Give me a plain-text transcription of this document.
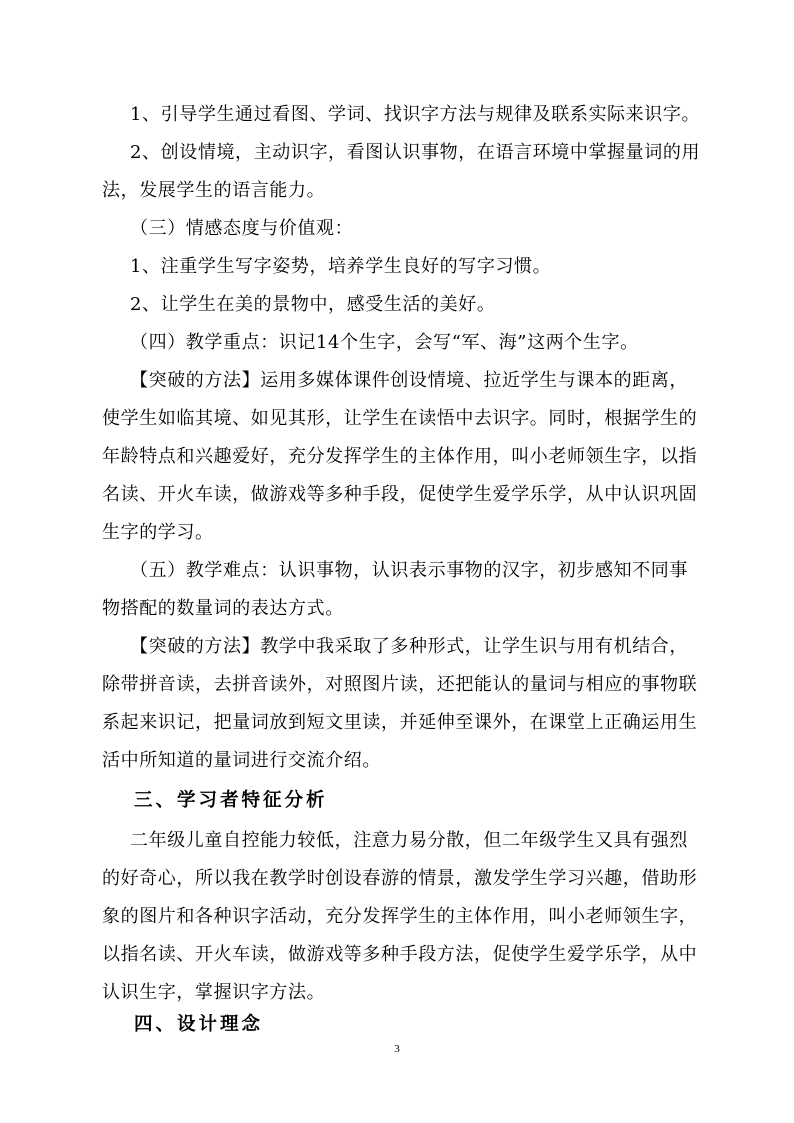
1、引导学生通过看图、学词、找识字方法与规律及联系实际来识字。

2、创设情境，主动识字，看图认识事物，在语言环境中掌握量词的用

法，发展学生的语言能力。

（三）情感态度与价值观：

1、注重学生写字姿势，培养学生良好的写字习惯。

2、让学生在美的景物中，感受生活的美好。

（四）教学重点：识记14个生字，会写“军、海”这两个生字。

【突破的方法】运用多媒体课件创设情境、拉近学生与课本的距离，

使学生如临其境、如见其形，让学生在读悟中去识字。同时，根据学生的

年龄特点和兴趣爱好，充分发挥学生的主体作用，叫小老师领生字，以指

名读、开火车读，做游戏等多种手段，促使学生爱学乐学，从中认识巩固

生字的学习。

（五）教学难点：认识事物，认识表示事物的汉字，初步感知不同事

物搭配的数量词的表达方式。

【突破的方法】教学中我采取了多种形式，让学生识与用有机结合，

除带拼音读，去拼音读外，对照图片读，还把能认的量词与相应的事物联

系起来识记，把量词放到短文里读，并延伸至课外，在课堂上正确运用生

活中所知道的量词进行交流介绍。

三、学习者特征分析

二年级儿童自控能力较低，注意力易分散，但二年级学生又具有强烈

的好奇心，所以我在教学时创设春游的情景，激发学生学习兴趣，借助形

象的图片和各种识字活动，充分发挥学生的主体作用，叫小老师领生字，

以指名读、开火车读，做游戏等多种手段方法，促使学生爱学乐学，从中

认识生字，掌握识字方法。

四、设计理念

3
